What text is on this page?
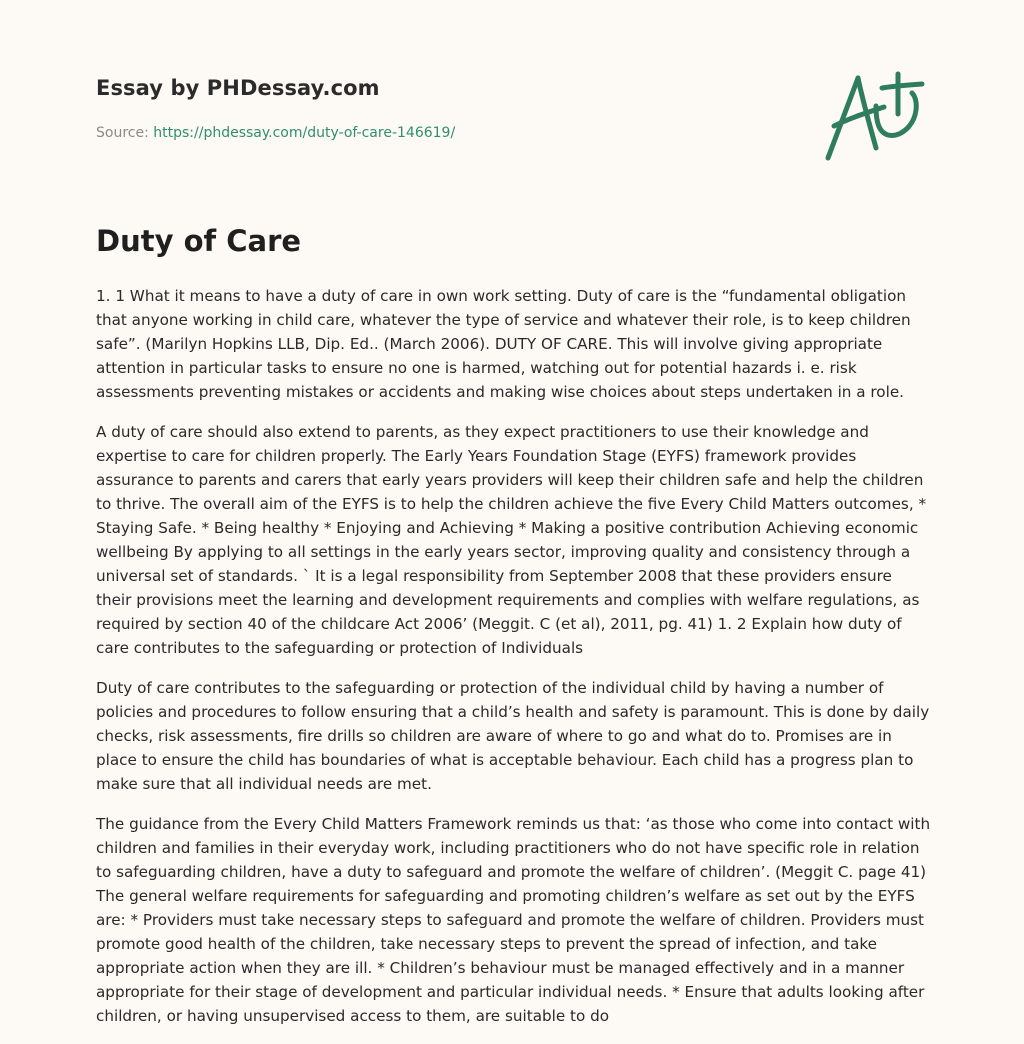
Essay by PHDessay.com

Source: https://phdessay.com/duty-of-care-146619/

Duty of Care

1. 1 What it means to have a duty of care in own work setting. Duty of care is the “fundamental obligation that anyone working in child care, whatever the type of service and whatever their role, is to keep children safe”. (Marilyn Hopkins LLB, Dip. Ed.. (March 2006). DUTY OF CARE. This will involve giving appropriate attention in particular tasks to ensure no one is harmed, watching out for potential hazards i. e. risk assessments preventing mistakes or accidents and making wise choices about steps undertaken in a role.

A duty of care should also extend to parents, as they expect practitioners to use their knowledge and expertise to care for children properly. The Early Years Foundation Stage (EYFS) framework provides assurance to parents and carers that early years providers will keep their children safe and help the children to thrive. The overall aim of the EYFS is to help the children achieve the five Every Child Matters outcomes, * Staying Safe. * Being healthy * Enjoying and Achieving * Making a positive contribution Achieving economic wellbeing By applying to all settings in the early years sector, improving quality and consistency through a universal set of standards. ` It is a legal responsibility from September 2008 that these providers ensure their provisions meet the learning and development requirements and complies with welfare regulations, as required by section 40 of the childcare Act 2006’ (Meggit. C (et al), 2011, pg. 41) 1. 2 Explain how duty of care contributes to the safeguarding or protection of Individuals

Duty of care contributes to the safeguarding or protection of the individual child by having a number of policies and procedures to follow ensuring that a child’s health and safety is paramount. This is done by daily checks, risk assessments, fire drills so children are aware of where to go and what do to. Promises are in place to ensure the child has boundaries of what is acceptable behaviour. Each child has a progress plan to make sure that all individual needs are met.

The guidance from the Every Child Matters Framework reminds us that: ‘as those who come into contact with children and families in their everyday work, including practitioners who do not have specific role in relation to safeguarding children, have a duty to safeguard and promote the welfare of children’. (Meggit C. page 41) The general welfare requirements for safeguarding and promoting children’s welfare as set out by the EYFS are: * Providers must take necessary steps to safeguard and promote the welfare of children. Providers must promote good health of the children, take necessary steps to prevent the spread of infection, and take appropriate action when they are ill. * Children’s behaviour must be managed effectively and in a manner appropriate for their stage of development and particular individual needs. * Ensure that adults looking after children, or having unsupervised access to them, are suitable to do
